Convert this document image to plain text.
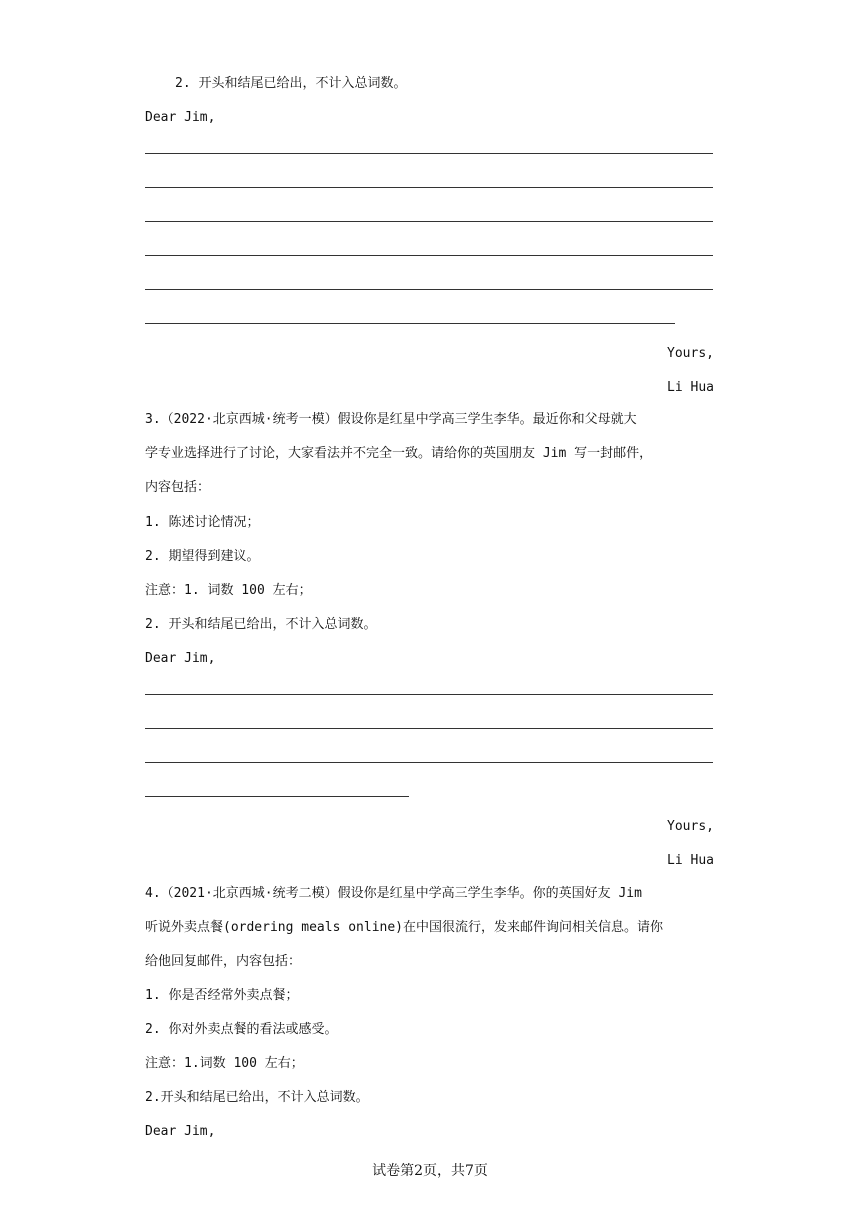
2. 开头和结尾已给出，不计入总词数。
Dear Jim,
Yours,
Li Hua
3.（2022·北京西城·统考一模）假设你是红星中学高三学生李华。最近你和父母就大
学专业选择进行了讨论，大家看法并不完全一致。请给你的英国朋友 Jim 写一封邮件，
内容包括：
1. 陈述讨论情况；
2. 期望得到建议。
注意：1. 词数 100 左右；
2. 开头和结尾已给出，不计入总词数。
Dear Jim,
Yours,
Li Hua
4.（2021·北京西城·统考二模）假设你是红星中学高三学生李华。你的英国好友 Jim
听说外卖点餐(ordering meals online)在中国很流行，发来邮件询问相关信息。请你
给他回复邮件，内容包括：
1. 你是否经常外卖点餐；
2. 你对外卖点餐的看法或感受。
注意：1.词数 100 左右；
2.开头和结尾已给出，不计入总词数。
Dear Jim,
试卷第2页，共7页
